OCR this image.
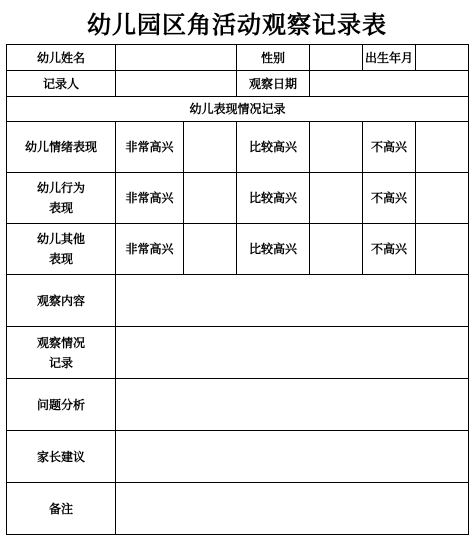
幼儿园区角活动观察记录表
幼儿姓名			性别		出生年月	
记录人			观察日期			
幼儿表现情况记录						
幼儿情绪表现	非常高兴		比较高兴		不高兴	
幼儿行为
表现	非常高兴		比较高兴		不高兴	
幼儿其他
表现	非常高兴		比较高兴		不高兴	
观察内容						
观察情况
记录						
问题分析						
家长建议						
备注						
